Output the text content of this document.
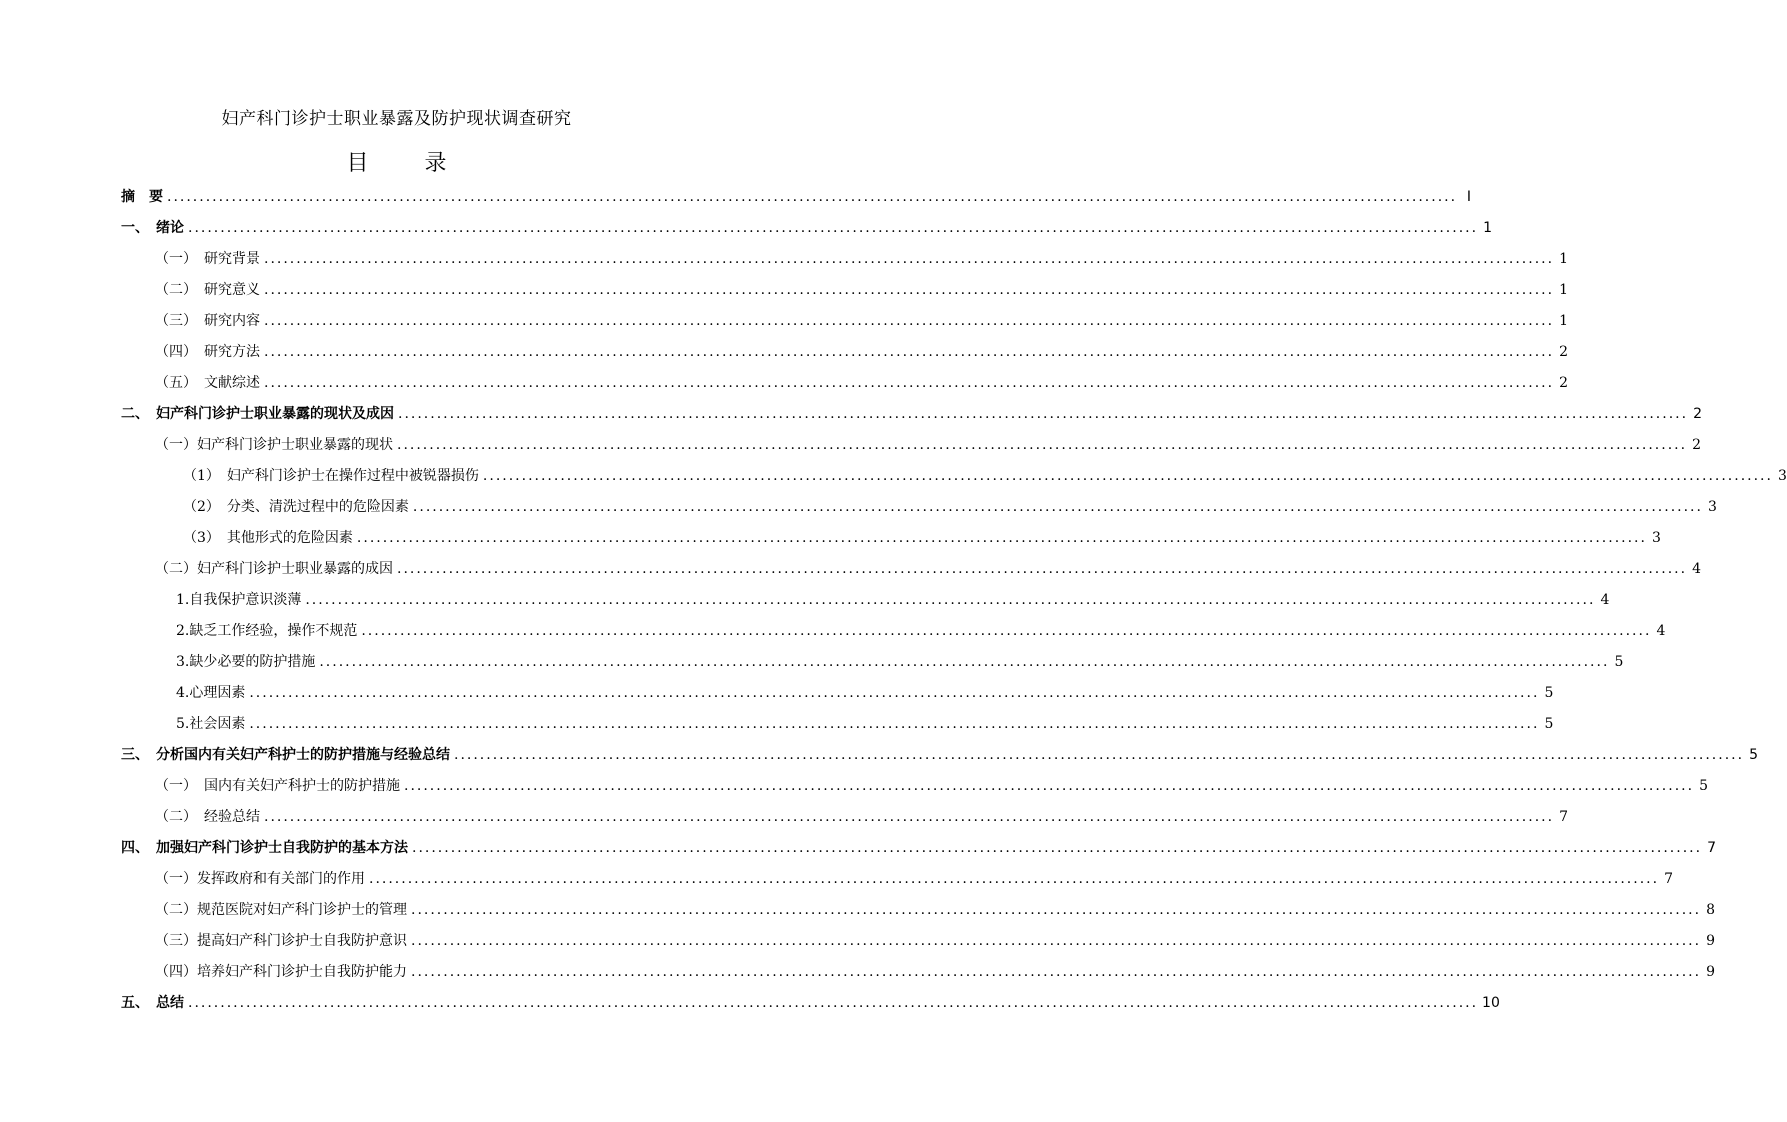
妇产科门诊护士职业暴露及防护现状调查研究
目	录
摘　要 ........................................................................................................................................................................................................ I
一、　 绪论 ........................................................................................................................................................................................................ 1
（一）　 研究背景 ........................................................................................................................................................................................................ 1
（二）　 研究意义 ........................................................................................................................................................................................................ 1
（三）　 研究内容 ........................................................................................................................................................................................................ 1
（四）　 研究方法 ........................................................................................................................................................................................................ 2
（五）　 文献综述 ........................................................................................................................................................................................................ 2
二、　 妇产科门诊护士职业暴露的现状及成因 ........................................................................................................................................................................................................ 2
（一） 妇产科门诊护士职业暴露的现状 ........................................................................................................................................................................................................ 2
（1）　 妇产科门诊护士在操作过程中被锐器损伤 ........................................................................................................................................................................................................ 3
（2）　 分类、清洗过程中的危险因素 ........................................................................................................................................................................................................ 3
（3）　 其他形式的危险因素 ........................................................................................................................................................................................................ 3
（二） 妇产科门诊护士职业暴露的成因 ........................................................................................................................................................................................................ 4
1. 自我保护意识淡薄 ........................................................................................................................................................................................................ 4
2. 缺乏工作经验，操作不规范 ........................................................................................................................................................................................................ 4
3. 缺少必要的防护措施 ........................................................................................................................................................................................................ 5
4. 心理因素 ........................................................................................................................................................................................................ 5
5. 社会因素 ........................................................................................................................................................................................................ 5
三、　 分析国内有关妇产科护士的防护措施与经验总结 ........................................................................................................................................................................................................ 5
（一）　 国内有关妇产科护士的防护措施 ........................................................................................................................................................................................................ 5
（二）　 经验总结 ........................................................................................................................................................................................................ 7
四、　 加强妇产科门诊护士自我防护的基本方法 ........................................................................................................................................................................................................ 7
（一） 发挥政府和有关部门的作用 ........................................................................................................................................................................................................ 7
（二） 规范医院对妇产科门诊护士的管理 ........................................................................................................................................................................................................ 8
（三） 提高妇产科门诊护士自我防护意识 ........................................................................................................................................................................................................ 9
（四） 培养妇产科门诊护士自我防护能力 ........................................................................................................................................................................................................ 9
五、　 总结 ........................................................................................................................................................................................................ 10
